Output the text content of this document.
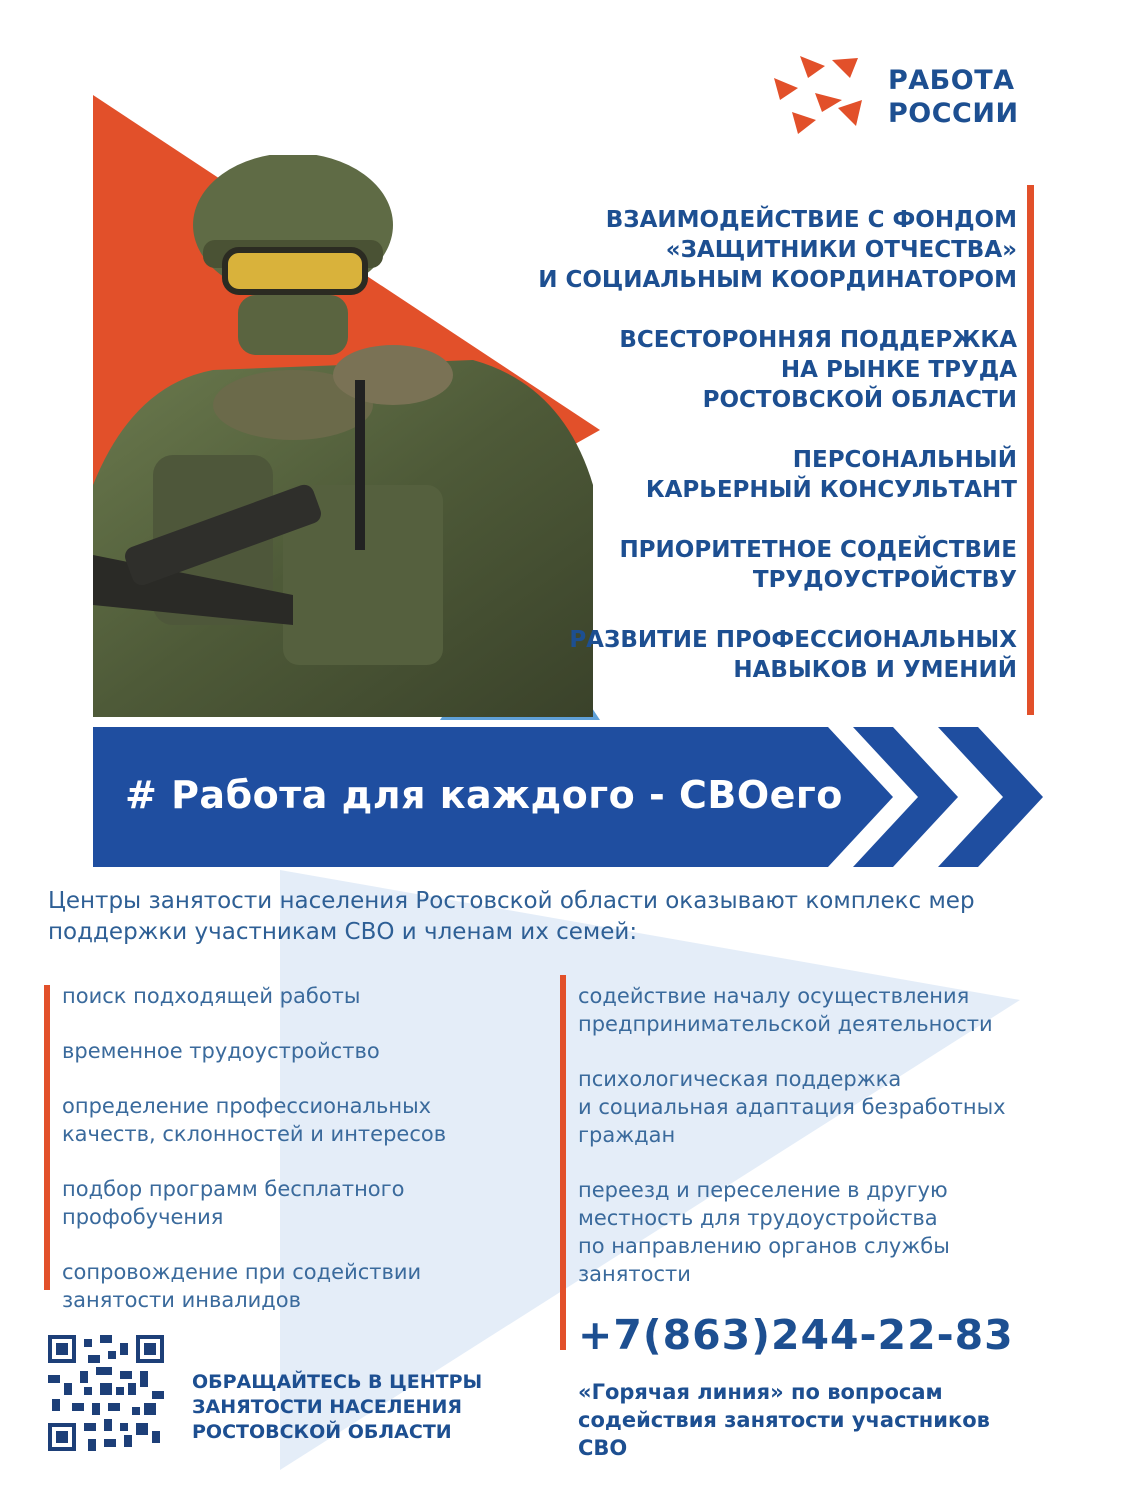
РАБОТА
РОССИИ
ВЗАИМОДЕЙСТВИЕ С ФОНДОМ
«ЗАЩИТНИКИ ОТЧЕСТВА»
И СОЦИАЛЬНЫМ КООРДИНАТОРОМ
ВСЕСТОРОННЯЯ ПОДДЕРЖКА
НА РЫНКЕ ТРУДА
РОСТОВСКОЙ ОБЛАСТИ
ПЕРСОНАЛЬНЫЙ
КАРЬЕРНЫЙ КОНСУЛЬТАНТ
ПРИОРИТЕТНОЕ СОДЕЙСТВИЕ
ТРУДОУСТРОЙСТВУ
РАЗВИТИЕ ПРОФЕССИОНАЛЬНЫХ
НАВЫКОВ И УМЕНИЙ
# Работа для каждого - СВОего
Центры занятости населения Ростовской области оказывают комплекс мер
поддержки участникам СВО и членам их семей:
поиск подходящей работы
временное трудоустройство
определение профессиональных
качеств, склонностей и интересов
подбор программ бесплатного
профобучения
сопровождение при содействии
занятости инвалидов
содействие началу осуществления
предпринимательской деятельности
психологическая поддержка
и социальная адаптация безработных
граждан
переезд и переселение в другую
местность для трудоустройства
по направлению органов службы
занятости
ОБРАЩАЙТЕСЬ В ЦЕНТРЫ
ЗАНЯТОСТИ НАСЕЛЕНИЯ
РОСТОВСКОЙ ОБЛАСТИ
+7(863)244-22-83
«Горячая линия» по вопросам
содействия занятости участников
СВО
